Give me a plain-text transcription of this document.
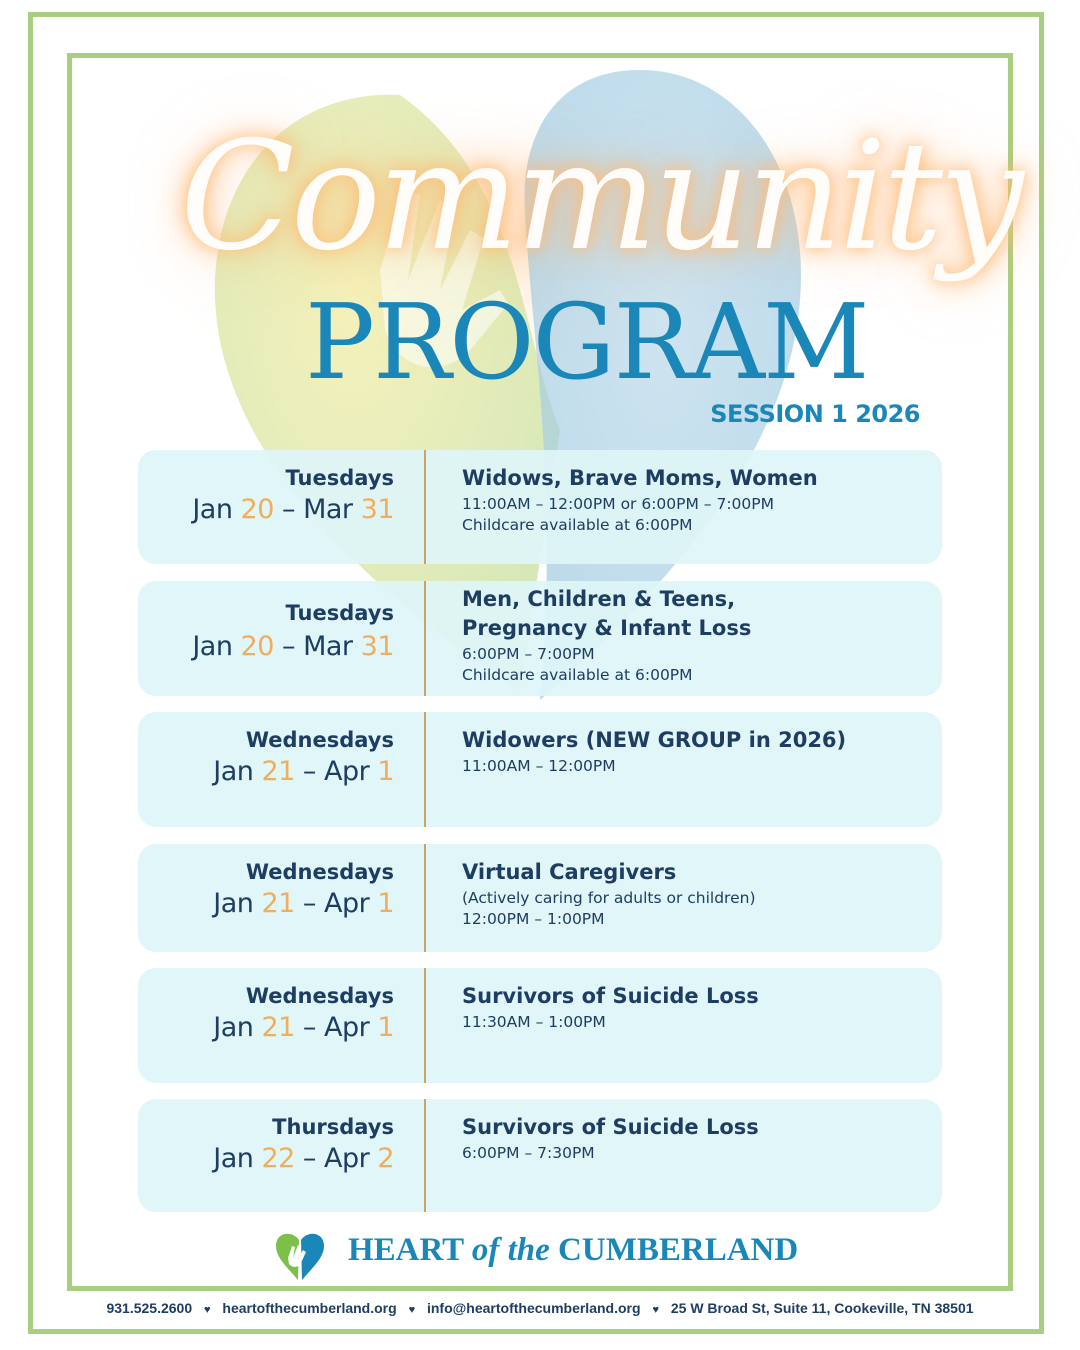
Community
PROGRAM
SESSION 1 2026
Tuesdays
Jan 20 – Mar 31
Widows, Brave Moms, Women
11:00AM – 12:00PM or 6:00PM – 7:00PM
Childcare available at 6:00PM
Tuesdays
Jan 20 – Mar 31
Men, Children & Teens,
Pregnancy & Infant Loss
6:00PM – 7:00PM
Childcare available at 6:00PM
Wednesdays
Jan 21 – Apr 1
Widowers (NEW GROUP in 2026)
11:00AM – 12:00PM
Wednesdays
Jan 21 – Apr 1
Virtual Caregivers
(Actively caring for adults or children)
12:00PM – 1:00PM
Wednesdays
Jan 21 – Apr 1
Survivors of Suicide Loss
11:30AM – 1:00PM
Thursdays
Jan 22 – Apr 2
Survivors of Suicide Loss
6:00PM – 7:30PM
HEART of the CUMBERLAND
931.525.2600 ♥ heartofthecumberland.org ♥ info@heartofthecumberland.org ♥ 25 W Broad St, Suite 11, Cookeville, TN 38501
